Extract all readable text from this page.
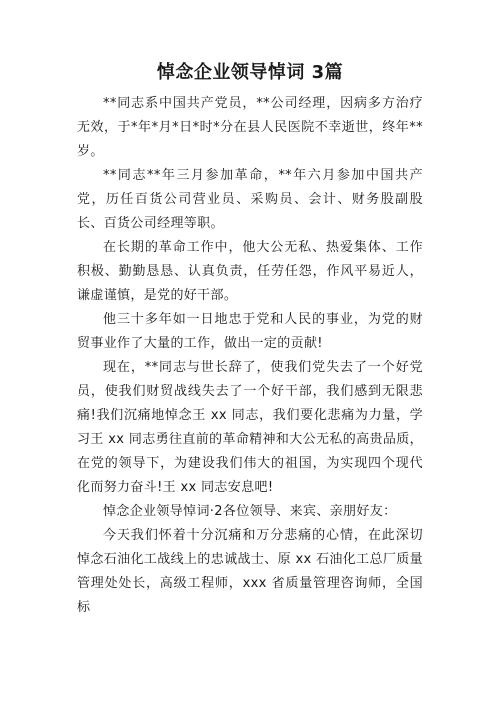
悼念企业领导悼词 3篇

**同志系中国共产党员，**公司经理，因病多方治疗无效，于*年*月*日*时*分在县人民医院不幸逝世，终年**岁。

**同志**年三月参加革命，**年六月参加中国共产党，历任百货公司营业员、采购员、会计、财务股副股长、百货公司经理等职。

在长期的革命工作中，他大公无私、热爱集体、工作积极、勤勤恳恳、认真负责，任劳任怨，作风平易近人，谦虚谨慎，是党的好干部。

他三十多年如一日地忠于党和人民的事业，为党的财贸事业作了大量的工作，做出一定的贡献!

现在，**同志与世长辞了，使我们党失去了一个好党员，使我们财贸战线失去了一个好干部，我们感到无限悲痛!我们沉痛地悼念王 xx 同志，我们要化悲痛为力量，学习王 xx 同志勇往直前的革命精神和大公无私的高贵品质，在党的领导下，为建设我们伟大的祖国，为实现四个现代化而努力奋斗!王 xx 同志安息吧!

悼念企业领导悼词·2各位领导、来宾、亲朋好友：

今天我们怀着十分沉痛和万分悲痛的心情，在此深切悼念石油化工战线上的忠诚战士、原 xx 石油化工总厂质量管理处处长，高级工程师，xxx 省质量管理咨询师，全国标
